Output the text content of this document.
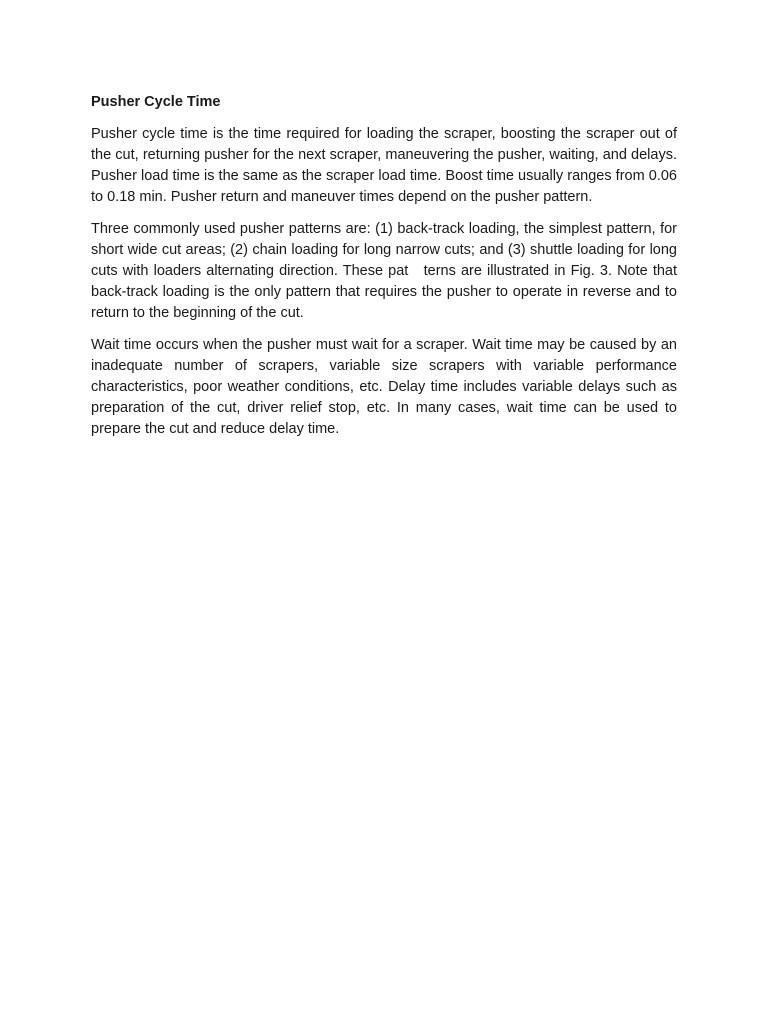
Pusher Cycle Time

Pusher cycle time is the time required for loading the scraper, boosting the scraper out of the cut, returning pusher for the next scraper, maneuvering the pusher, waiting, and delays. Pusher load time is the same as the scraper load time. Boost time usually ranges from 0.06 to 0.18 min. Pusher return and maneuver times depend on the pusher pattern.

Three commonly used pusher patterns are: (1) back-track loading, the simplest pattern, for short wide cut areas; (2) chain loading for long narrow cuts; and (3) shuttle loading for long cuts with loaders alternating direction. These pat   terns are illustrated in Fig. 3. Note that back-track loading is the only pattern that requires the pusher to operate in reverse and to return to the beginning of the cut.

Wait time occurs when the pusher must wait for a scraper. Wait time may be caused by an inadequate number of scrapers, variable size scrapers with variable performance characteristics, poor weather conditions, etc. Delay time includes variable delays such as preparation of the cut, driver relief stop, etc. In many cases, wait time can be used to prepare the cut and reduce delay time.
